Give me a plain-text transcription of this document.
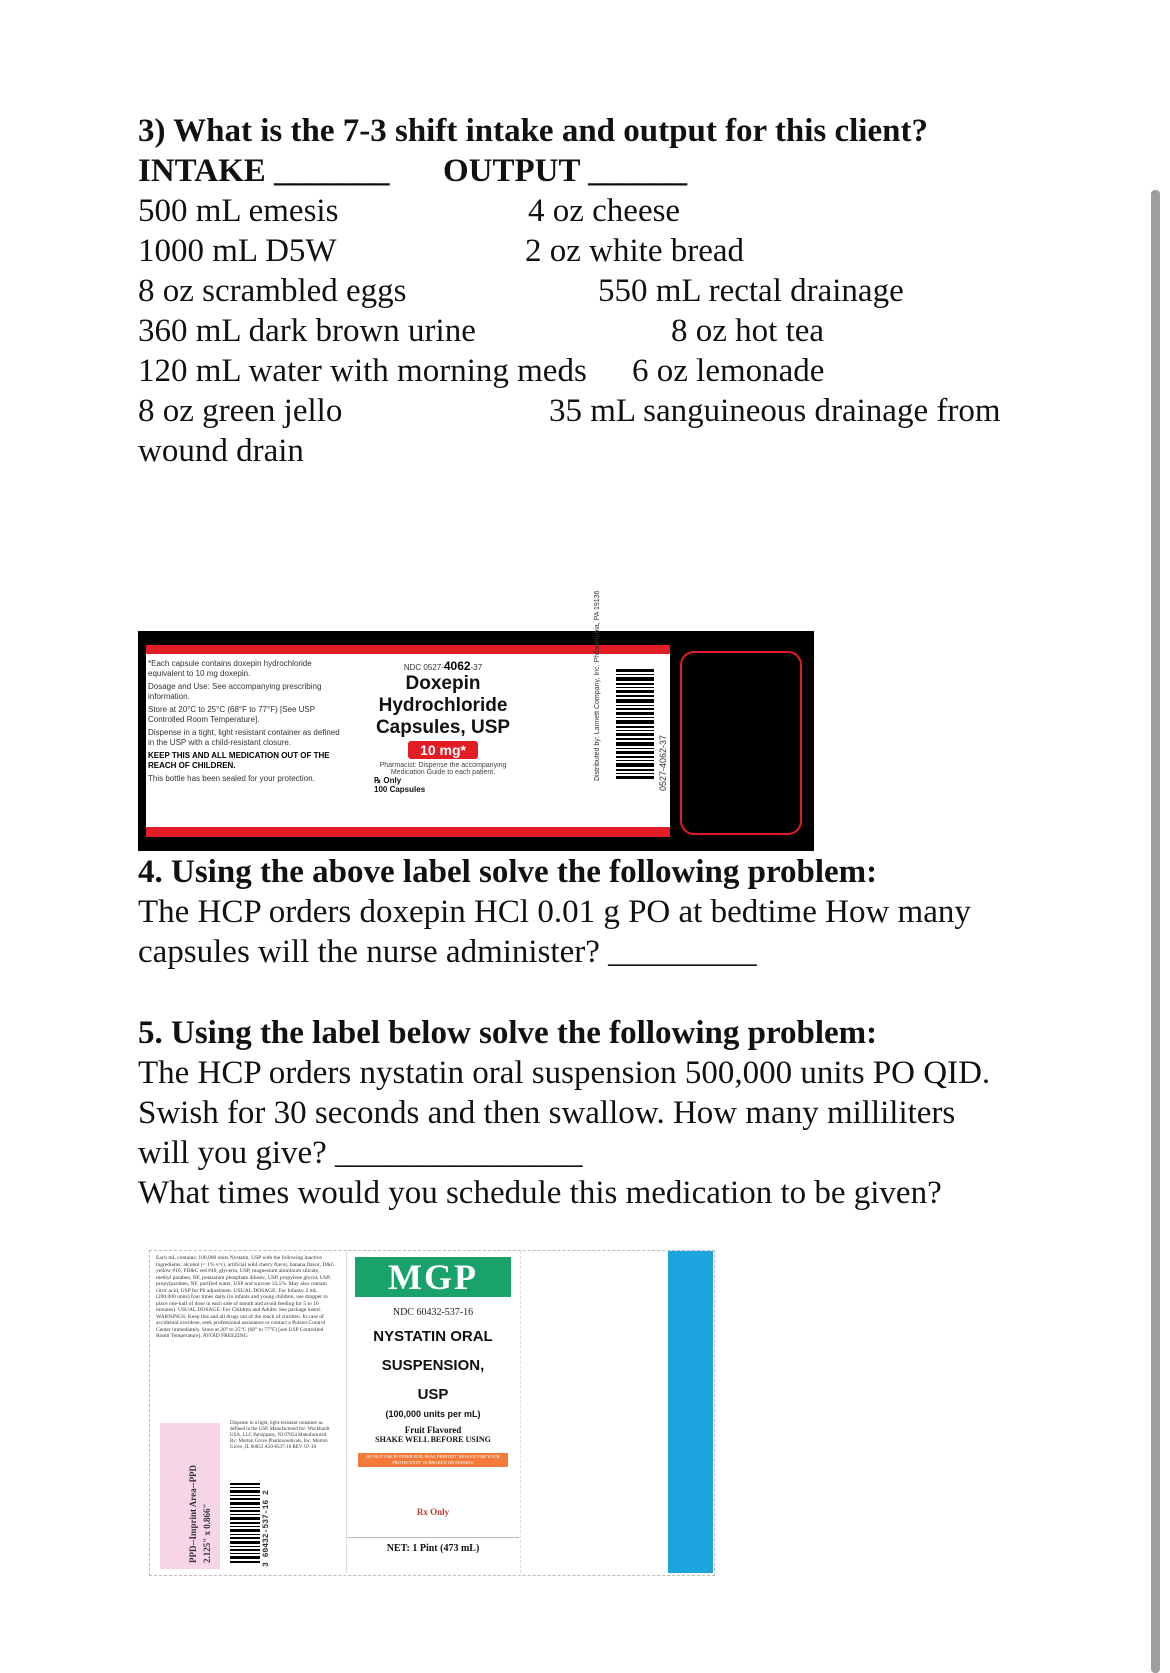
3) What is the 7-3 shift intake and output for this client?
INTAKE _______ OUTPUT ______
500 mL emesis	4 oz cheese
1000 mL D5W	2 oz white bread
8 oz scrambled eggs	550 mL rectal drainage
360 mL dark brown urine	8 oz hot tea
120 mL water with morning meds 6 oz lemonade
8 oz green jello	35 mL sanguineous drainage from
wound drain
*Each capsule contains doxepin hydrochloride equivalent to 10 mg doxepin.
Dosage and Use: See accompanying prescribing information.
Store at 20°C to 25°C (68°F to 77°F) [See USP Controlled Room Temperature].
Dispense in a tight, light resistant container as defined in the USP with a child-resistant closure.
KEEP THIS AND ALL MEDICATION OUT OF THE REACH OF CHILDREN.
This bottle has been sealed for your protection.
NDC 0527-4062-37
Doxepin
Hydrochloride
Capsules, USP
10 mg*
Pharmacist: Dispense the accompanying Medication Guide to each patient.
℞ Only
100 Capsules
Lannett	0871957A Rev. 08/19
Distributed by: Lannett Company, Inc. Philadelphia, PA 19136	0527-4062-37
4. Using the above label solve the following problem:
The HCP orders doxepin HCl 0.01 g PO at bedtime How many
capsules will the nurse administer? _________
5. Using the label below solve the following problem:
The HCP orders nystatin oral suspension 500,000 units PO QID.
Swish for 30 seconds and then swallow. How many milliliters
will you give? _______________
What times would you schedule this medication to be given?
Each mL contains: 100,000 units Nystatin, USP with the following inactive ingredients: alcohol (< 1% v/v), artificial wild cherry flavor, banana flavor, D&C yellow #10, FD&C red #40, glycerin, USP, magnesium aluminum silicate, methyl paraben, NF, potassium phosphate dibasic, USP, propylene glycol, USP, propylparaben, NF, purified water, USP and sucrose 33.5%. May also contain citric acid, USP for Ph adjustment. USUAL DOSAGE: For Infants: 2 mL (200,000 units) four times daily (in infants and young children, use dropper to place one-half of dose in each side of mouth and avoid feeding for 5 to 10 minutes). USUAL DOSAGE: For Children and Adults: See package insert. WARNINGS: Keep this and all drugs out of the reach of children. In case of accidental overdose, seek professional assistance or contact a Poison Control Center immediately. Store at 20° to 25°C (68° to 77°F) [see USP Controlled Room Temperature]. AVOID FREEZING
PPD--Imprint Area--PPD 2.125" x 0.866"
Dispense in a tight, light-resistant container as defined in the USP. Manufactured for: Wockhardt USA, LLC Parsippany, NJ 07054 Manufactured By: Morton Grove Pharmaceuticals, Inc. Morton Grove, IL 60053 A50-8537-16 REV. 07-18
3 60432-537-16 2
MGP
NDC 60432-537-16
NYSTATIN ORAL
SUSPENSION,
USP
(100,000 units per mL)
Fruit Flavored
SHAKE WELL BEFORE USING
DO NOT USE IF INNER FOIL SEAL PRINTED "SEALED FOR YOUR PROTECTION" IS BROKEN OR MISSING
Rx Only
NET: 1 Pint (473 mL)
